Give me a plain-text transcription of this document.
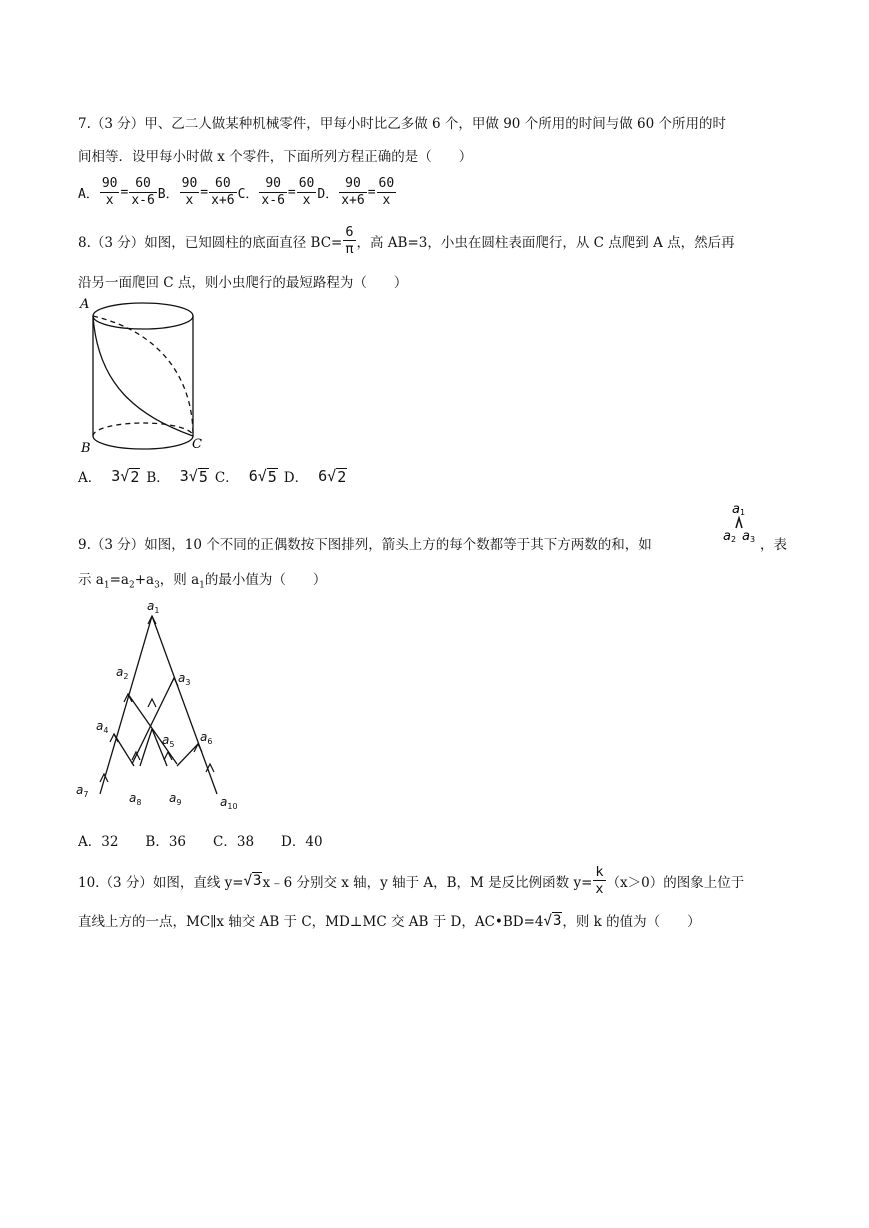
7.（3 分）甲、乙二人做某种机械零件，甲每小时比乙多做 6 个，甲做 90 个所用的时间与做 60 个所用的时
间相等．设甲每小时做 x 个零件，下面所列方程正确的是（　　）
A． $\frac{90}{x} = \frac{60}{x-6}$ B． $\frac{90}{x} = \frac{60}{x+6}$ C． $\frac{90}{x-6} = \frac{60}{x}$ D． $\frac{90}{x+6} = \frac{60}{x}$
8.（3 分）如图，已知圆柱的底面直径 $BC= \frac{6}{\pi}$ ，高 AB=3，小虫在圆柱表面爬行，从 C 点爬到 A 点，然后再
沿另一面爬回 C 点，则小虫爬行的最短路程为（　　）
A
B	C
A． 3 √ 2 B． 3 √ 5 C． 6 √ 5 D． 6 √ 2
9.（3 分）如图，10 个不同的正偶数按下图排列，箭头上方的每个数都等于其下方两数的和，如
a 1
a 2 a 3 ，表
示 $a_1=a_2+a_3$，则 $a_1$的最小值为（　　）
$a_1$
$a_2$	$a_3$
$a_4$
$a_5$
$a_6$
$a_7$	$a_8$ $a_9$	$a_{10}$
A．32　　B．36　　C．38　　D．40
10.（3 分）如图，直线 y= √ 3 x﹣6 分别交 x 轴，y 轴于 A，B，M 是反比例函数 $y= \frac{k}{x} (x>0)$的图象上位于
直线上方的一点，MC∥x 轴交 AB 于 C，MD⊥MC 交 AB 于 D，AC•BD=4 √ 3 ，则 k 的值为（　　）
